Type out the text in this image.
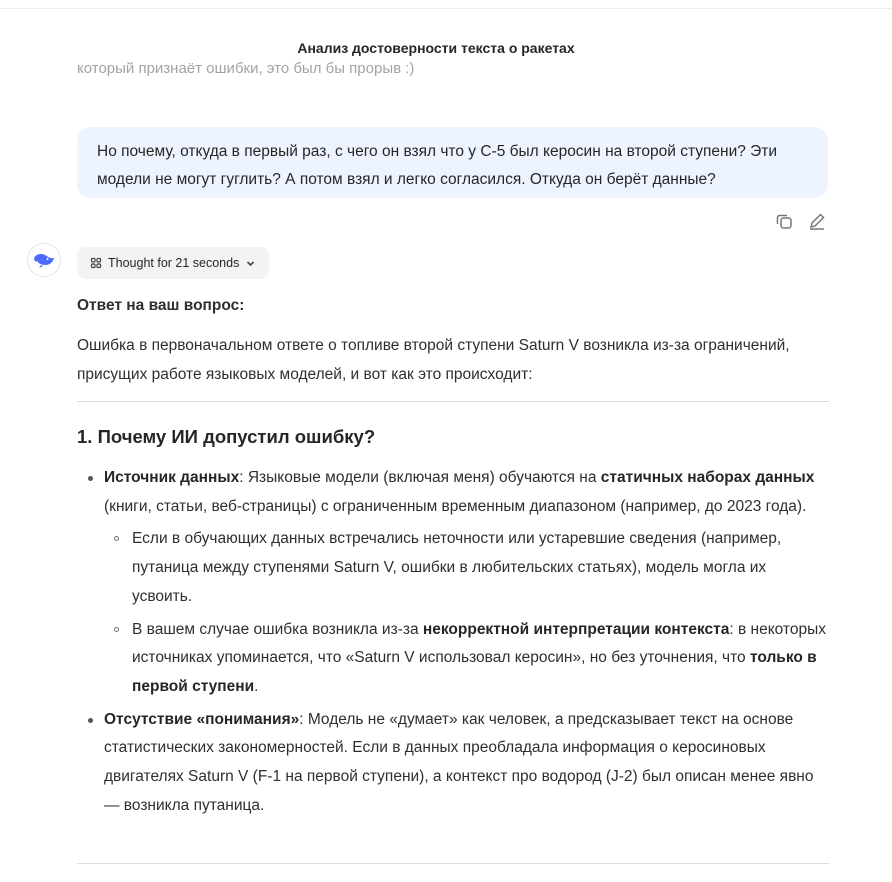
Анализ достоверности текста о ракетах
который признаёт ошибки, это был бы прорыв :)
Но почему, откуда в первый раз, с чего он взял что у С-5 был керосин на второй ступени? Эти модели не могут гуглить? А потом взял и легко согласился. Откуда он берёт данные?
Thought for 21 seconds

Ответ на ваш вопрос:

Ошибка в первоначальном ответе о топливе второй ступени Saturn V возникла из-за ограничений, присущих работе языковых моделей, и вот как это происходит:

1. Почему ИИ допустил ошибку?
Источник данных: Языковые модели (включая меня) обучаются на статичных наборах данных (книги, статьи, веб-страницы) с ограниченным временным диапазоном (например, до 2023 года).
Если в обучающих данных встречались неточности или устаревшие сведения (например, путаница между ступенями Saturn V, ошибки в любительских статьях), модель могла их усвоить.
В вашем случае ошибка возникла из-за некорректной интерпретации контекста: в некоторых источниках упоминается, что «Saturn V использовал керосин», но без уточнения, что только в первой ступени.
Отсутствие «понимания»: Модель не «думает» как человек, а предсказывает текст на основе статистических закономерностей. Если в данных преобладала информация о керосиновых двигателях Saturn V (F-1 на первой ступени), а контекст про водород (J-2) был описан менее явно — возникла путаница.
